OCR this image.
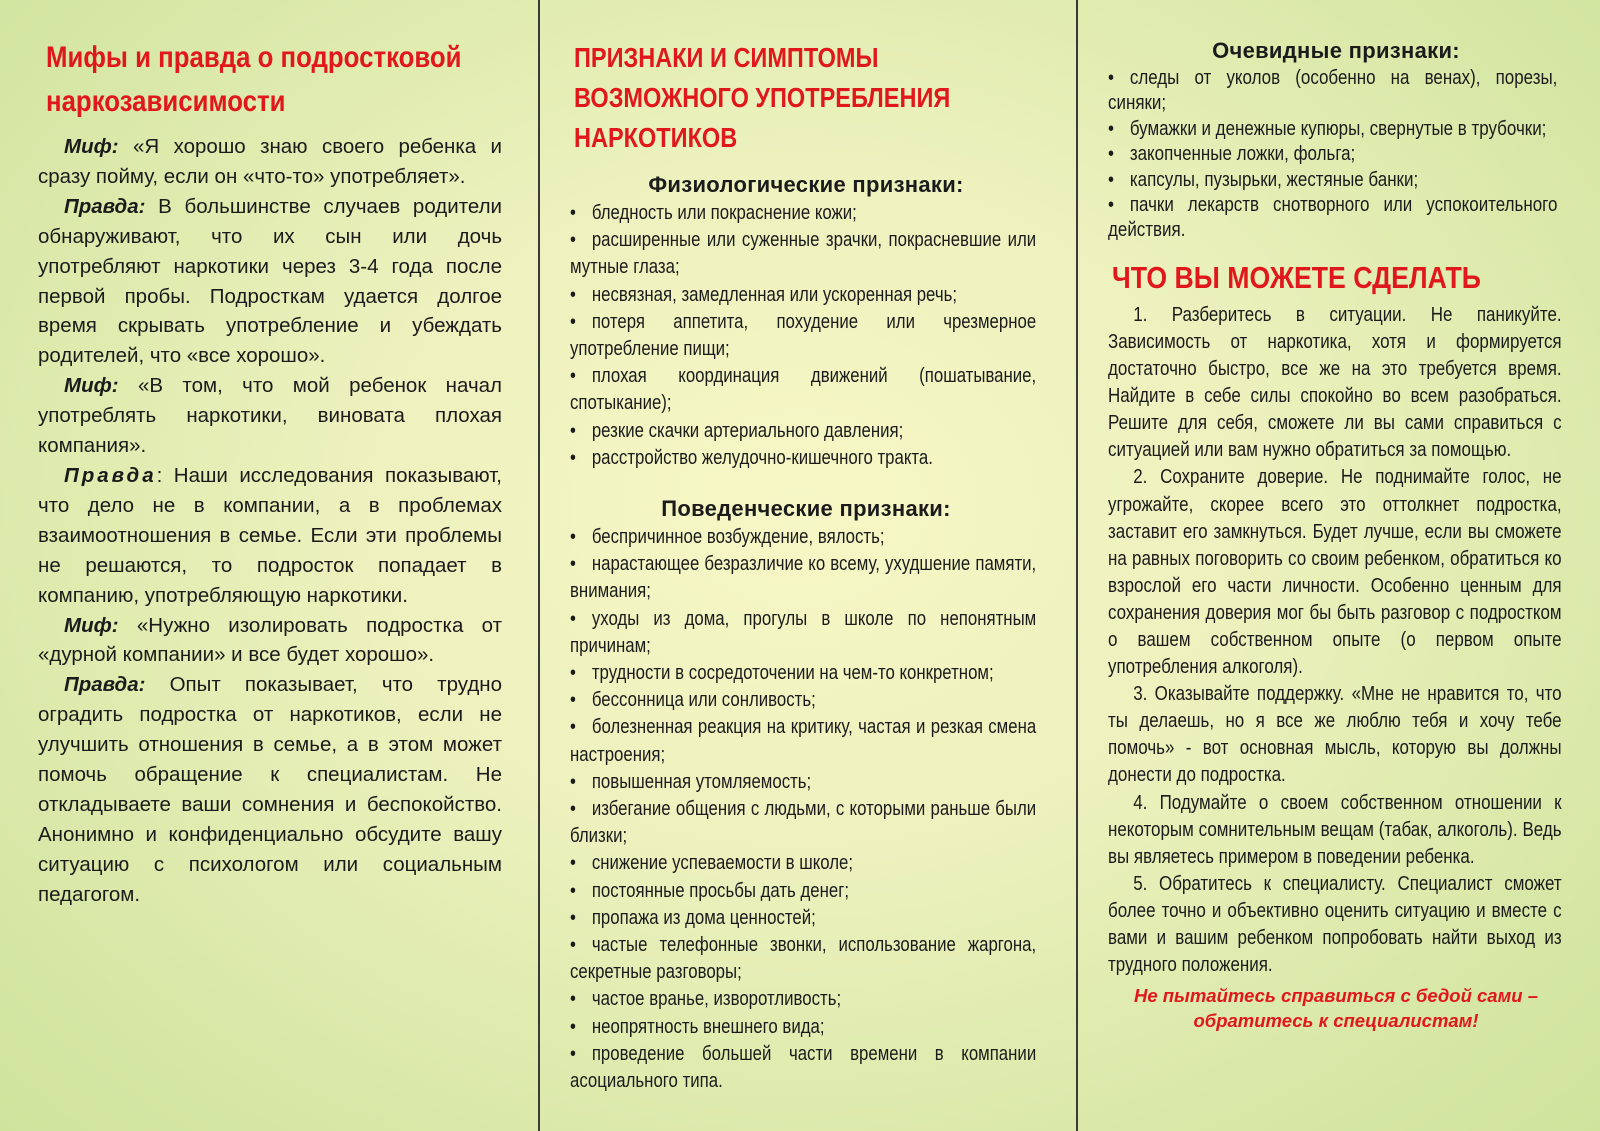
Мифы и правда о подростковой наркозависимости

Миф: «Я хорошо знаю своего ребенка и сразу пойму, если он «что-то» употребляет».

Правда: В большинстве случаев родители обнаруживают, что их сын или дочь употребляют наркотики через 3-4 года после первой пробы. Подросткам удается долгое время скрывать употребление и убеждать родителей, что «все хорошо».

Миф: «В том, что мой ребенок начал употреблять наркотики, виновата плохая компания».

Правда: Наши исследования показывают, что дело не в компании, а в проблемах взаимоотношения в семье. Если эти проблемы не решаются, то подросток попадает в компанию, употребляющую наркотики.

Миф: «Нужно изолировать подростка от «дурной компании» и все будет хорошо».

Правда: Опыт показывает, что трудно оградить подростка от наркотиков, если не улучшить отношения в семье, а в этом может помочь обращение к специалистам. Не откладываете ваши сомнения и беспокойство. Анонимно и конфиденциально обсудите вашу ситуацию с психологом или социальным педагогом.

ПРИЗНАКИ И СИМПТОМЫ ВОЗМОЖНОГО УПОТРЕБЛЕНИЯ НАРКОТИКОВ
Физиологические признаки:
• бледность или покраснение кожи;
• расширенные или суженные зрачки, покрасневшие или мутные глаза;
• несвязная, замедленная или ускоренная речь;
• потеря аппетита, похудение или чрезмерное употребление пищи;
• плохая координация движений (пошатывание, спотыкание);
• резкие скачки артериального давления;
• расстройство желудочно-кишечного тракта.
Поведенческие признаки:
• беспричинное возбуждение, вялость;
• нарастающее безразличие ко всему, ухудшение памяти, внимания;
• уходы из дома, прогулы в школе по непонятным причинам;
• трудности в сосредоточении на чем-то конкретном;
• бессонница или сонливость;
• болезненная реакция на критику, частая и резкая смена настроения;
• повышенная утомляемость;
• избегание общения с людьми, с которыми раньше были близки;
• снижение успеваемости в школе;
• постоянные просьбы дать денег;
• пропажа из дома ценностей;
• частые телефонные звонки, использование жаргона, секретные разговоры;
• частое вранье, изворотливость;
• неопрятность внешнего вида;
• проведение большей части времени в компании асоциального типа.
Очевидные признаки:
• следы от уколов (особенно на венах), порезы, синяки;
• бумажки и денежные купюры, свернутые в трубочки;
• закопченные ложки, фольга;
• капсулы, пузырьки, жестяные банки;
• пачки лекарств снотворного или успокоительного действия.
ЧТО ВЫ МОЖЕТЕ СДЕЛАТЬ

1. Разберитесь в ситуации. Не паникуйте. Зависимость от наркотика, хотя и формируется достаточно быстро, все же на это требуется время. Найдите в себе силы спокойно во всем разобраться. Решите для себя, сможете ли вы сами справиться с ситуацией или вам нужно обратиться за помощью.

2. Сохраните доверие. Не поднимайте голос, не угрожайте, скорее всего это оттолкнет подростка, заставит его замкнуться. Будет лучше, если вы сможете на равных поговорить со своим ребенком, обратиться ко взрослой его части личности. Особенно ценным для сохранения доверия мог бы быть разговор с подростком о вашем собственном опыте (о первом опыте употребления алкоголя).

3. Оказывайте поддержку. «Мне не нравится то, что ты делаешь, но я все же люблю тебя и хочу тебе помочь» - вот основная мысль, которую вы должны донести до подростка.

4. Подумайте о своем собственном отношении к некоторым сомнительным вещам (табак, алкоголь). Ведь вы являетесь примером в поведении ребенка.

5. Обратитесь к специалисту. Специалист сможет более точно и объективно оценить ситуацию и вместе с вами и вашим ребенком попробовать найти выход из трудного положения.

Не пытайтесь справиться с бедой сами –
обратитесь к специалистам!
